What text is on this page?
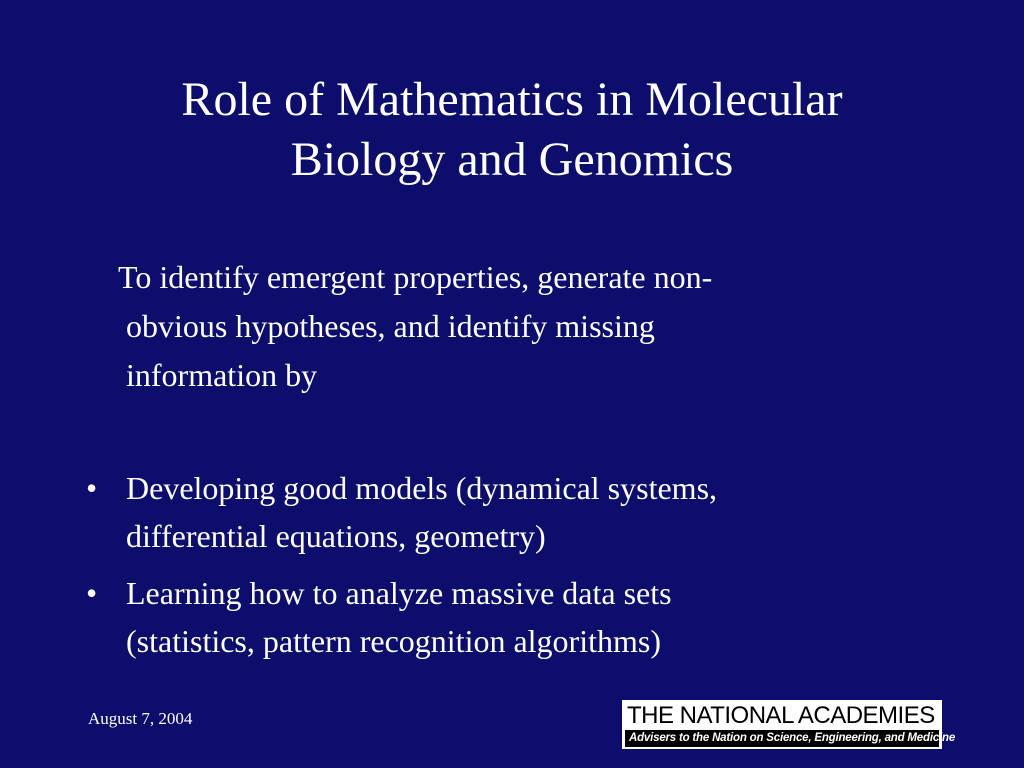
Role of Mathematics in Molecular
Biology and Genomics

To identify emergent properties, generate non-
obvious hypotheses, and identify missing
information by

• Developing good models (dynamical systems,
differential equations, geometry)
• Learning how to analyze massive data sets
(statistics, pattern recognition algorithms)
August 7, 2004	THE NATIONAL ACADEMIES
Advisers to the Nation on Science, Engineering, and Medicine
